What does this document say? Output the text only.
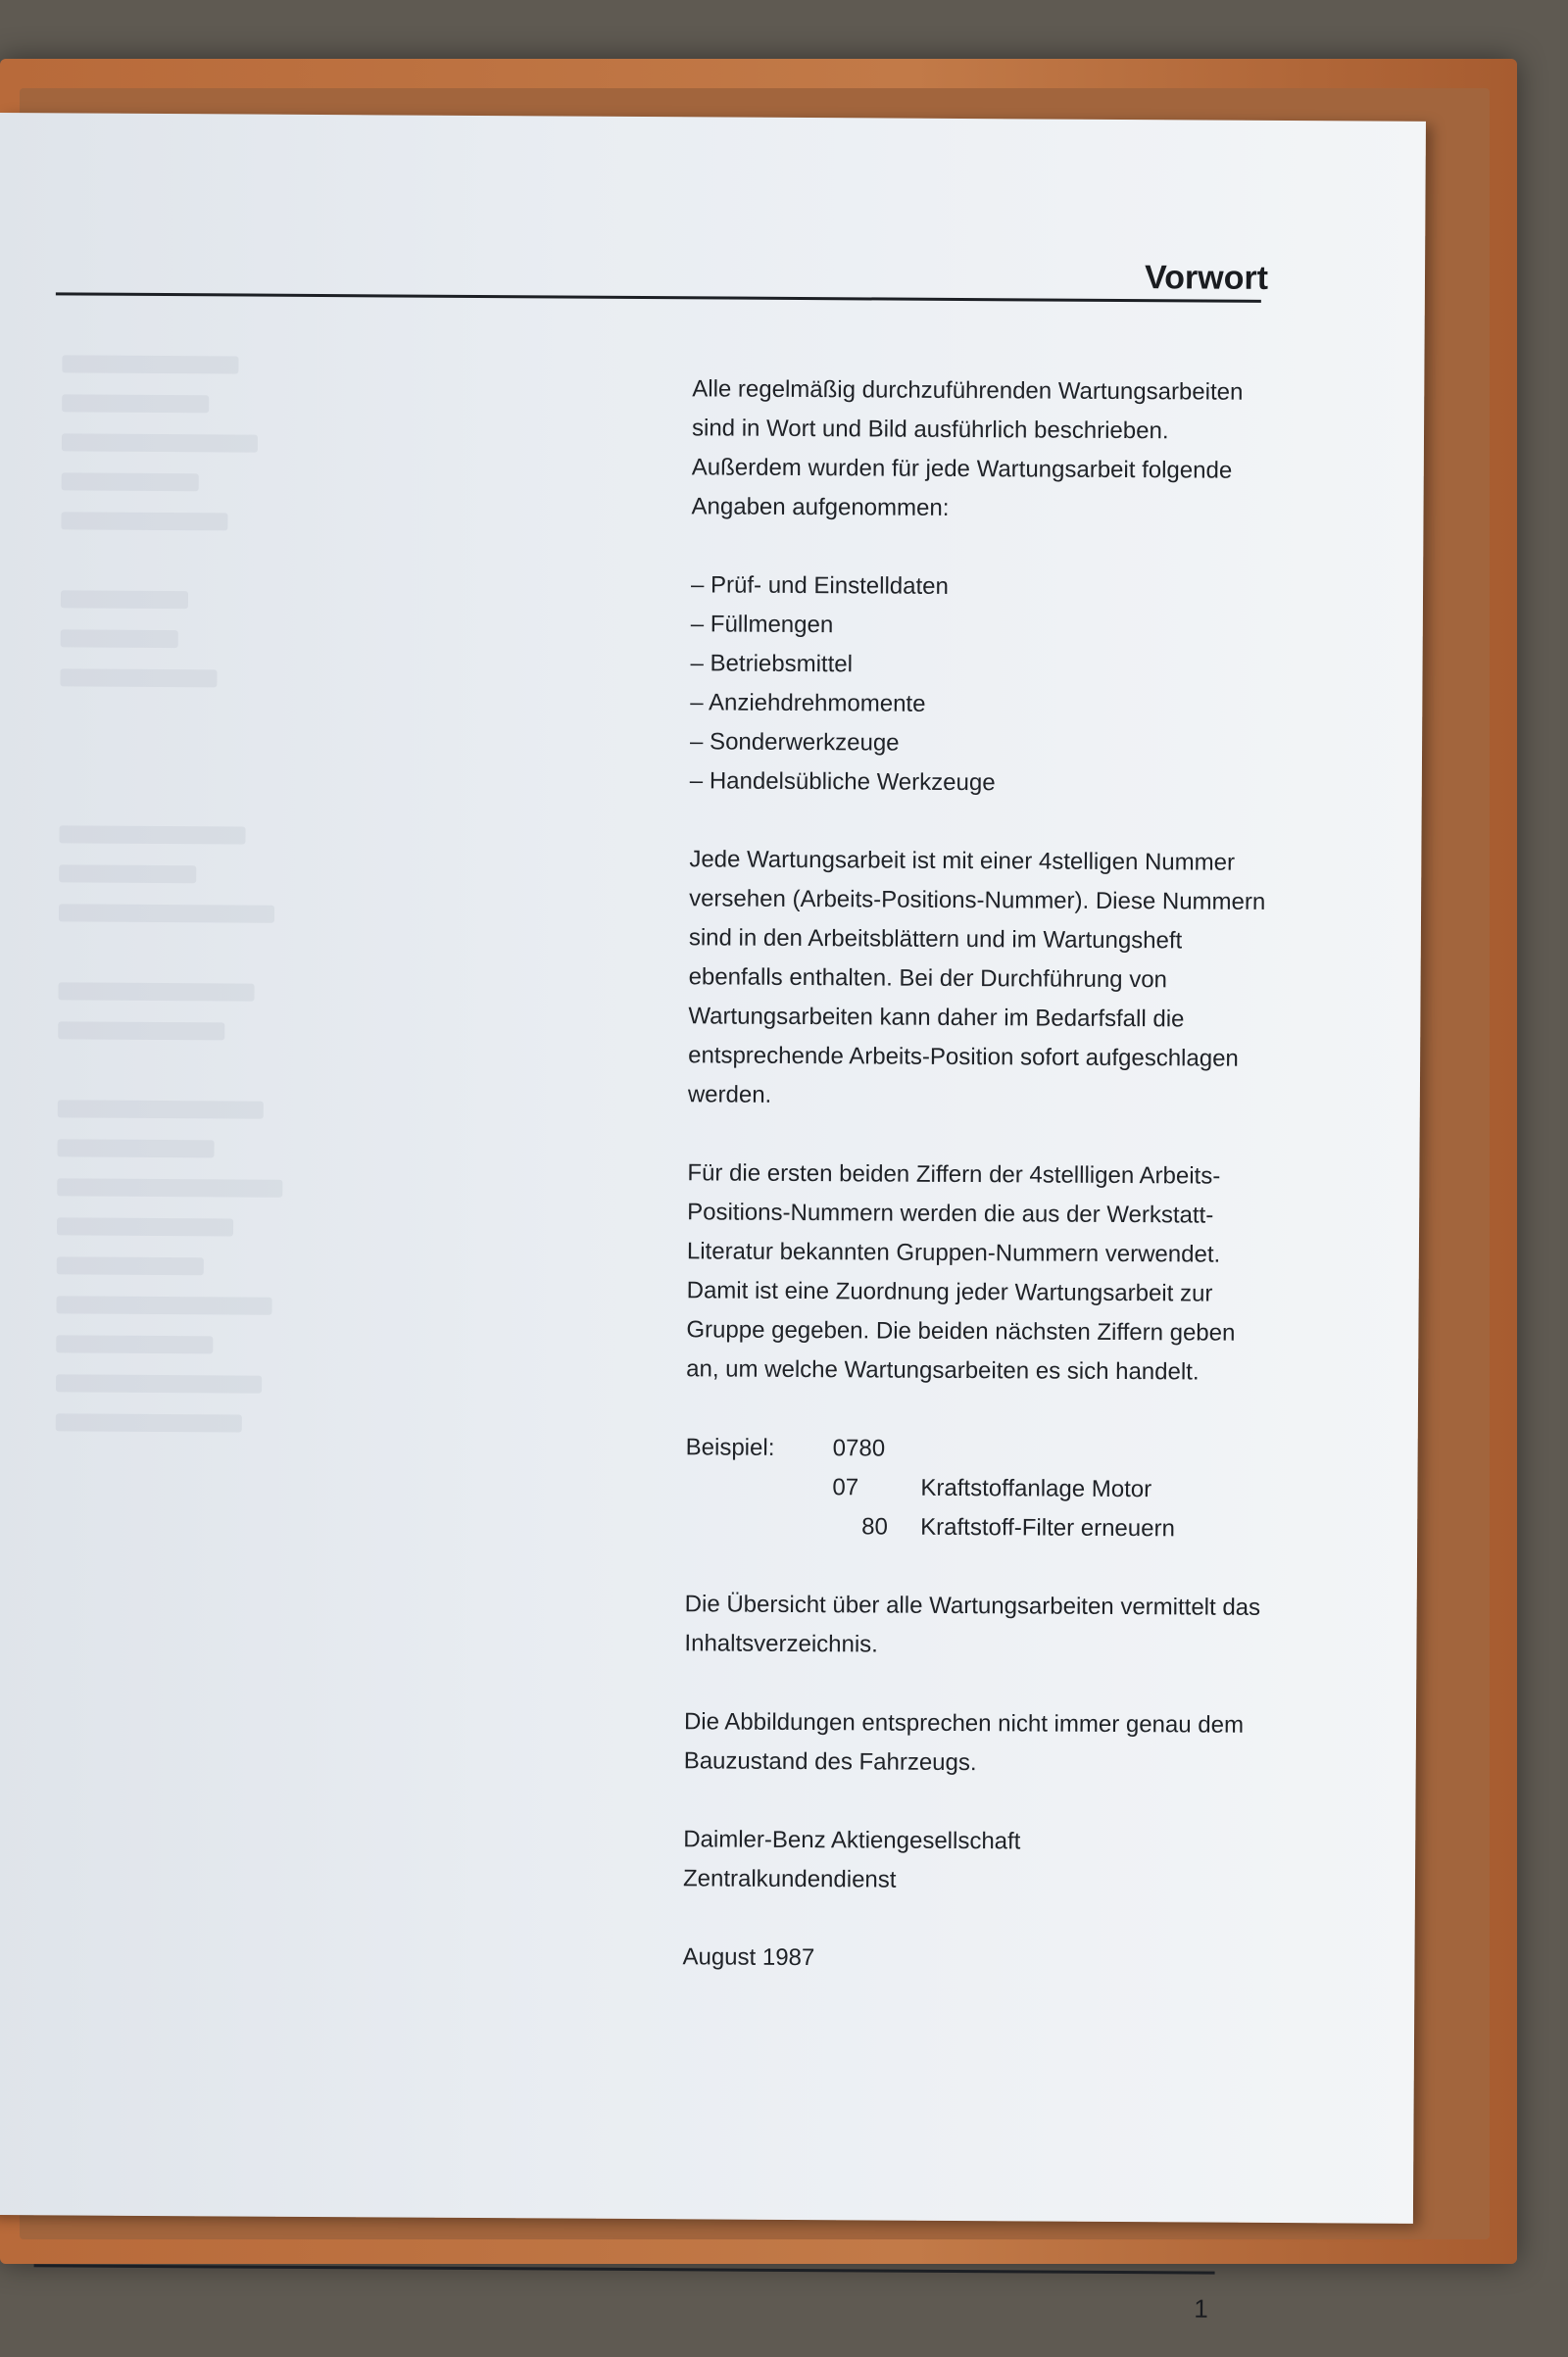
Vorwort

Alle regelmäßig durchzuführenden Wartungsarbeiten sind in Wort und Bild ausführlich beschrieben. Außerdem wurden für jede Wartungsarbeit folgende Angaben aufgenommen:

– Prüf- und Einstelldaten
– Füllmengen
– Betriebsmittel
– Anziehdrehmomente
– Sonderwerkzeuge
– Handelsübliche Werkzeuge

Jede Wartungsarbeit ist mit einer 4stelligen Nummer versehen (Arbeits-Positions-Nummer). Diese Nummern sind in den Arbeitsblättern und im Wartungsheft ebenfalls enthalten. Bei der Durchführung von Wartungsarbeiten kann daher im Bedarfsfall die entsprechende Arbeits-Position sofort aufgeschlagen werden.

Für die ersten beiden Ziffern der 4stellligen Arbeits-Positions-Nummern werden die aus der Werkstatt-Literatur bekannten Gruppen-Nummern verwendet. Damit ist eine Zuordnung jeder Wartungsarbeit zur Gruppe gegeben. Die beiden nächsten Ziffern geben an, um welche Wartungsarbeiten es sich handelt.

Beispiel:	0780
07	Kraftstoffanlage Motor
80	Kraftstoff-Filter erneuern

Die Übersicht über alle Wartungsarbeiten vermittelt das Inhaltsverzeichnis.

Die Abbildungen entsprechen nicht immer genau dem Bauzustand des Fahrzeugs.

Daimler-Benz Aktiengesellschaft
Zentralkundendienst

August 1987

1
